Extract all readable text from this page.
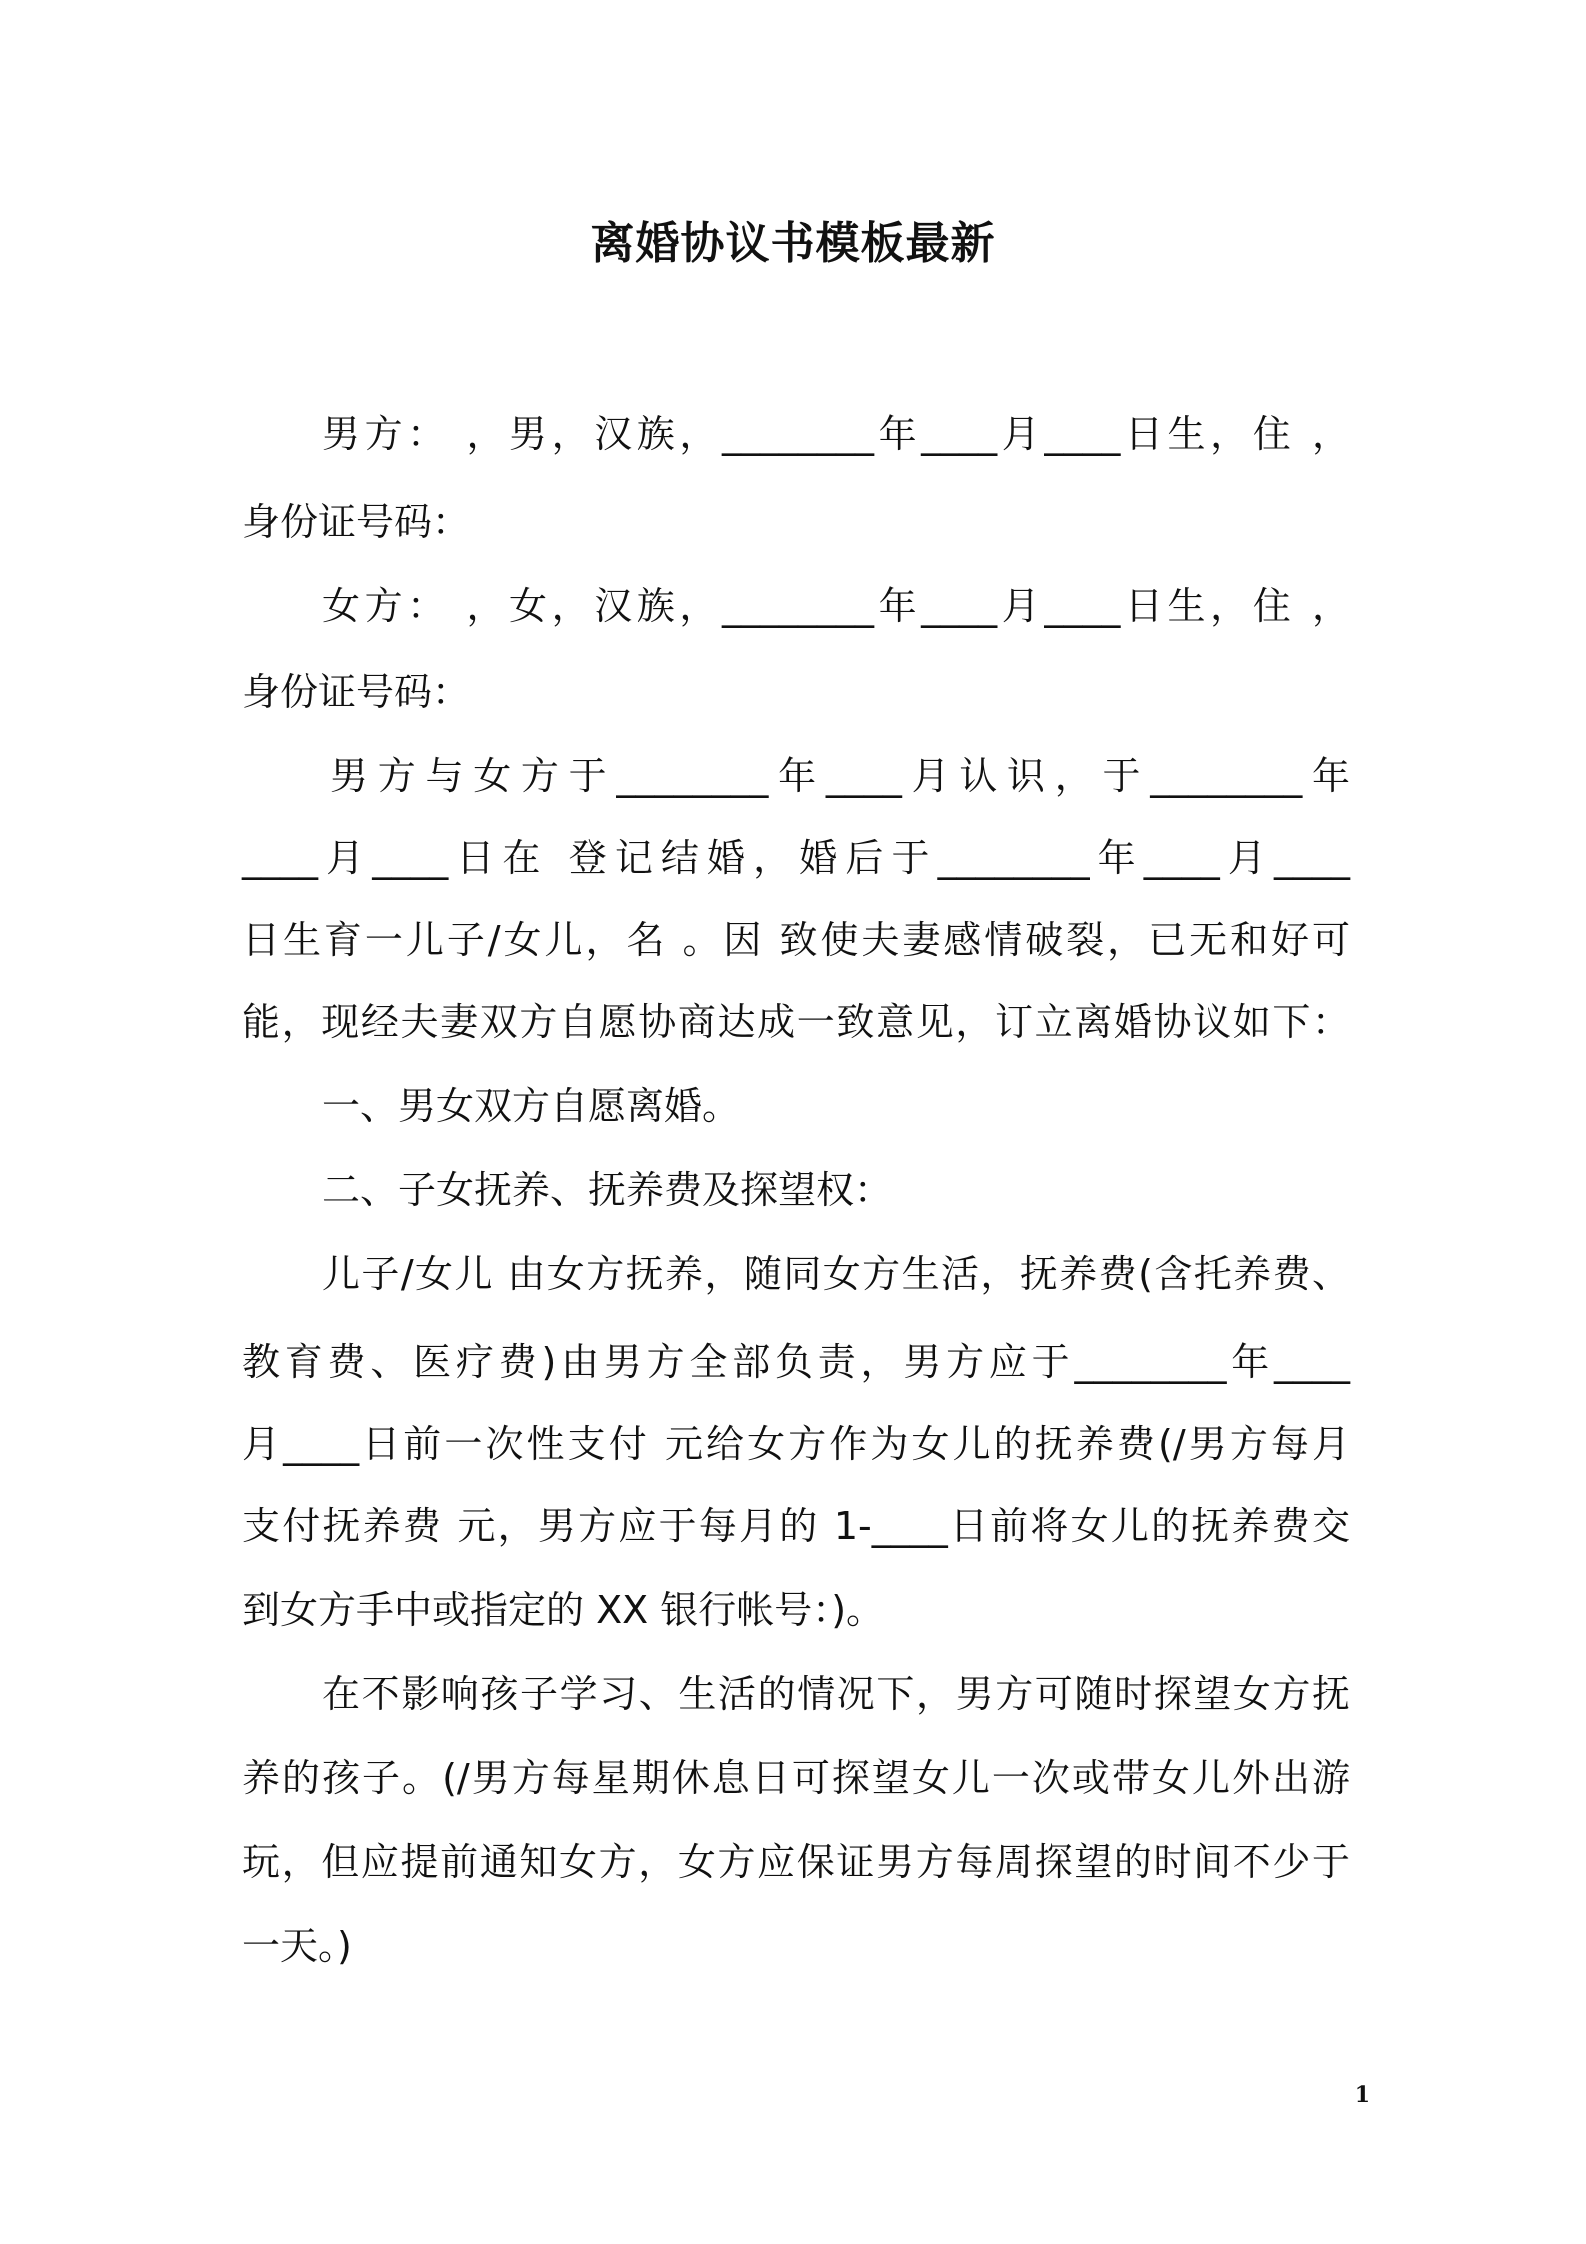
离婚协议书模板最新
男方： ，男，汉族，________年____月____日生，住 ，
身份证号码：
女方： ，女，汉族，________年____月____日生，住 ，
身份证号码：
男方与女方于________年____月认识，于________年
____月____日在 登记结婚，婚后于________年____月____
日生育一儿子/女儿，名 。因 致使夫妻感情破裂，已无和好可
能，现经夫妻双方自愿协商达成一致意见，订立离婚协议如下：
一、男女双方自愿离婚。
二、子女抚养、抚养费及探望权：
儿子/女儿 由女方抚养，随同女方生活，抚养费(含托养费、
教育费、医疗费)由男方全部负责，男方应于________年____
月____日前一次性支付 元给女方作为女儿的抚养费(/男方每月
支付抚养费 元，男方应于每月的 1-____日前将女儿的抚养费交
到女方手中或指定的 XX 银行帐号：)。
在不影响孩子学习、生活的情况下，男方可随时探望女方抚
养的孩子。(/男方每星期休息日可探望女儿一次或带女儿外出游
玩，但应提前通知女方，女方应保证男方每周探望的时间不少于
一天。)
1
